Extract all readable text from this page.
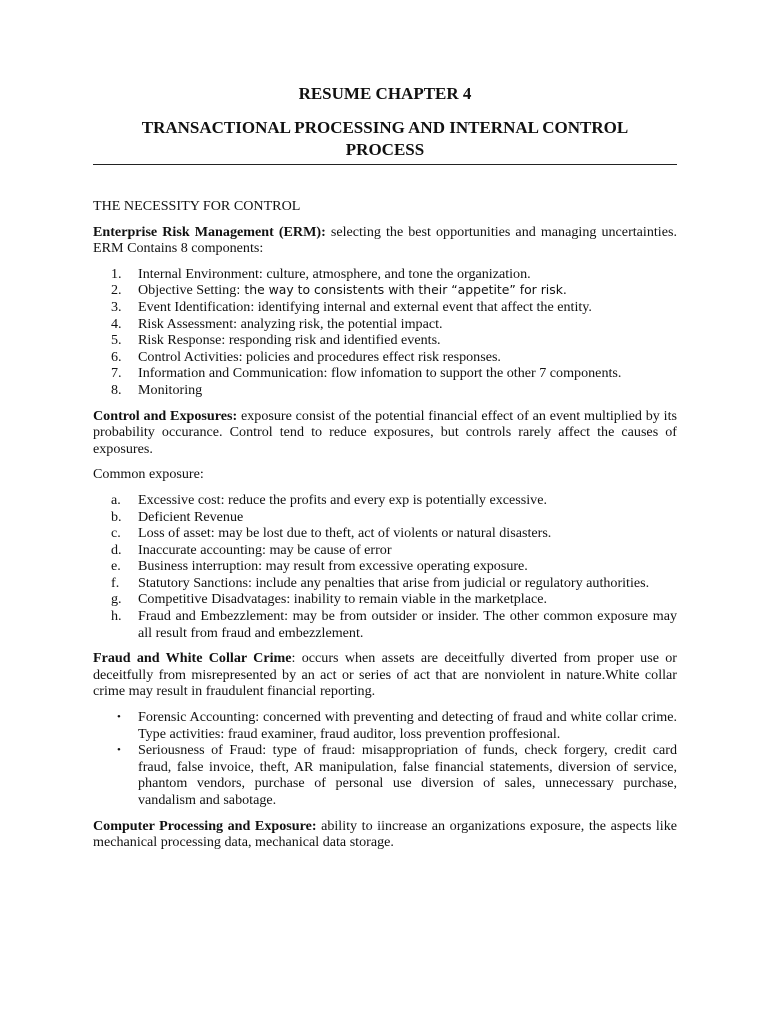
RESUME CHAPTER 4
TRANSACTIONAL PROCESSING AND INTERNAL CONTROL PROCESS

THE NECESSITY FOR CONTROL

Enterprise Risk Management (ERM): selecting the best opportunities and managing uncertainties. ERM Contains 8 components:

1.	Internal Environment: culture, atmosphere, and tone the organization.
2.	Objective Setting: the way to consistents with their “appetite” for risk.
3.	Event Identification: identifying internal and external event that affect the entity.
4.	Risk Assessment: analyzing risk, the potential impact.
5.	Risk Response: responding risk and identified events.
6.	Control Activities: policies and procedures effect risk responses.
7.	Information and Communication: flow infomation to support the other 7 components.
8.	Monitoring

Control and Exposures: exposure consist of the potential financial effect of an event multiplied by its probability occurance. Control tend to reduce exposures, but controls rarely affect the causes of exposures.

Common exposure:

a.	Excessive cost: reduce the profits and every exp is potentially excessive.
b.	Deficient Revenue
c.	Loss of asset: may be lost due to theft, act of violents or natural disasters.
d.	Inaccurate accounting: may be cause of error
e.	Business interruption: may result from excessive operating exposure.
f.	Statutory Sanctions: include any penalties that arise from judicial or regulatory authorities.
g.	Competitive Disadvatages: inability to remain viable in the marketplace.
h.	Fraud and Embezzlement: may be from outsider or insider. The other common exposure may all result from fraud and embezzlement.

Fraud and White Collar Crime: occurs when assets are deceitfully diverted from proper use or deceitfully from misrepresented by an act or series of act that are nonviolent in nature.White collar crime may result in fraudulent financial reporting.

• Forensic Accounting: concerned with preventing and detecting of fraud and white collar crime. Type activities: fraud examiner, fraud auditor, loss prevention proffesional.
• Seriousness of Fraud: type of fraud: misappropriation of funds, check forgery, credit card fraud, false invoice, theft, AR manipulation, false financial statements, diversion of service, phantom vendors, purchase of personal use diversion of sales, unnecessary purchase, vandalism and sabotage.

Computer Processing and Exposure: ability to iincrease an organizations exposure, the aspects like mechanical processing data, mechanical data storage.
